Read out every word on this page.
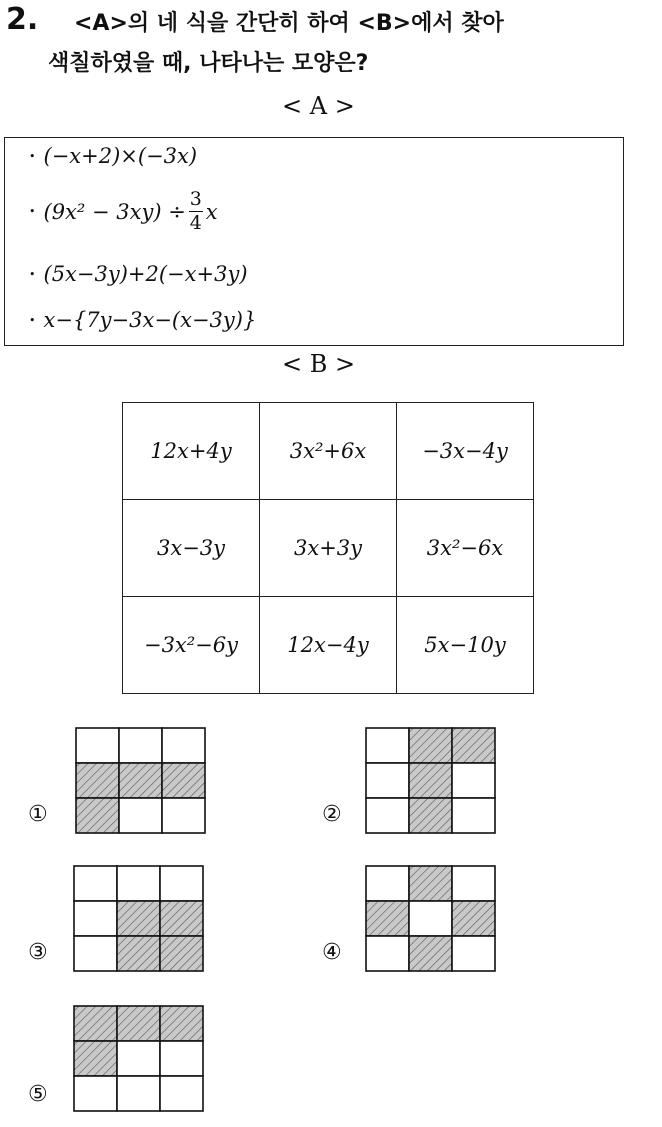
2. <A>의 네 식을 간단히 하여 <B>에서 찾아
색칠하였을 때, 나타나는 모양은?
< A >
• (−x+2)×(−3x)
• $(9x^2 - 3xy) \div \frac{3}{4}$ x
• (5x−3y)+2(−x+3y)
• x−{7y−3x−(x−3y)}
< B >
12x+4y	3x²+6x	−3x−4y
3x−3y	3x+3y	3x²−6x
−3x²−6y	12x−4y	5x−10y
①	②
③	④
⑤
